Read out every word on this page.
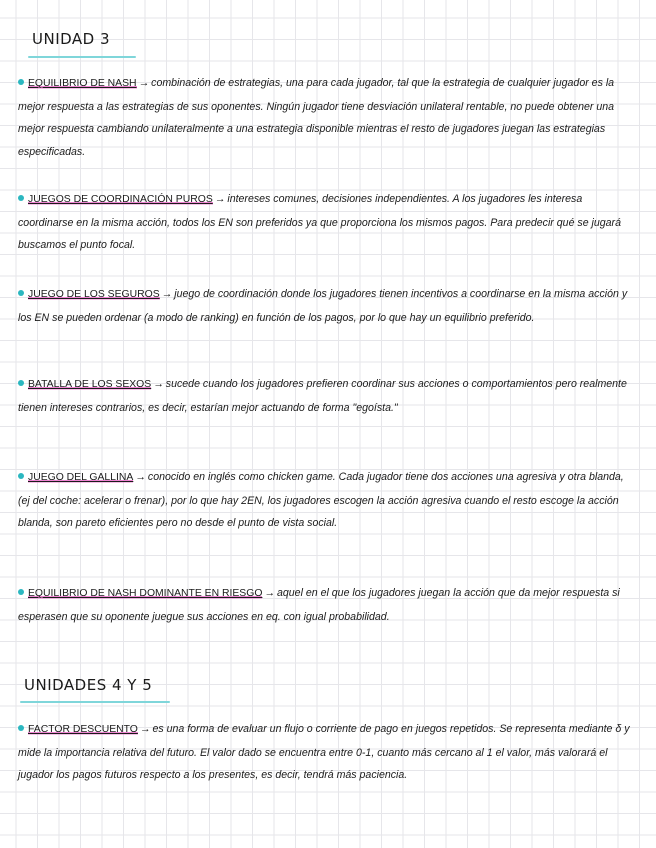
UNIDAD 3
EQUILIBRIO DE NASH → combinación de estrategias, una para cada jugador, tal que la estrategia de cualquier jugador es la mejor respuesta a las estrategias de sus oponentes. Ningún jugador tiene desviación unilateral rentable, no puede obtener una mejor respuesta cambiando unilateralmente a una estrategia disponible mientras el resto de jugadores juegan las estrategias especificadas.
JUEGOS DE COORDINACIÓN PUROS → intereses comunes, decisiones independientes. A los jugadores les interesa coordinarse en la misma acción, todos los EN son preferidos ya que proporciona los mismos pagos. Para predecir qué se jugará buscamos el punto focal.
JUEGO DE LOS SEGUROS → juego de coordinación donde los jugadores tienen incentivos a coordinarse en la misma acción y los EN se pueden ordenar (a modo de ranking) en función de los pagos, por lo que hay un equilibrio preferido.
BATALLA DE LOS SEXOS → sucede cuando los jugadores prefieren coordinar sus acciones o comportamientos pero realmente tienen intereses contrarios, es decir, estarían mejor actuando de forma "egoísta."
JUEGO DEL GALLINA → conocido en inglés como chicken game. Cada jugador tiene dos acciones una agresiva y otra blanda, (ej del coche: acelerar o frenar), por lo que hay 2EN, los jugadores escogen la acción agresiva cuando el resto escoge la acción blanda, son pareto eficientes pero no desde el punto de vista social.
EQUILIBRIO DE NASH DOMINANTE EN RIESGO → aquel en el que los jugadores juegan la acción que da mejor respuesta si esperasen que su oponente juegue sus acciones en eq. con igual probabilidad.
UNIDADES 4 Y 5
FACTOR DESCUENTO → es una forma de evaluar un flujo o corriente de pago en juegos repetidos. Se representa mediante δ y mide la importancia relativa del futuro. El valor dado se encuentra entre 0-1, cuanto más cercano al 1 el valor, más valorará el jugador los pagos futuros respecto a los presentes, es decir, tendrá más paciencia.
